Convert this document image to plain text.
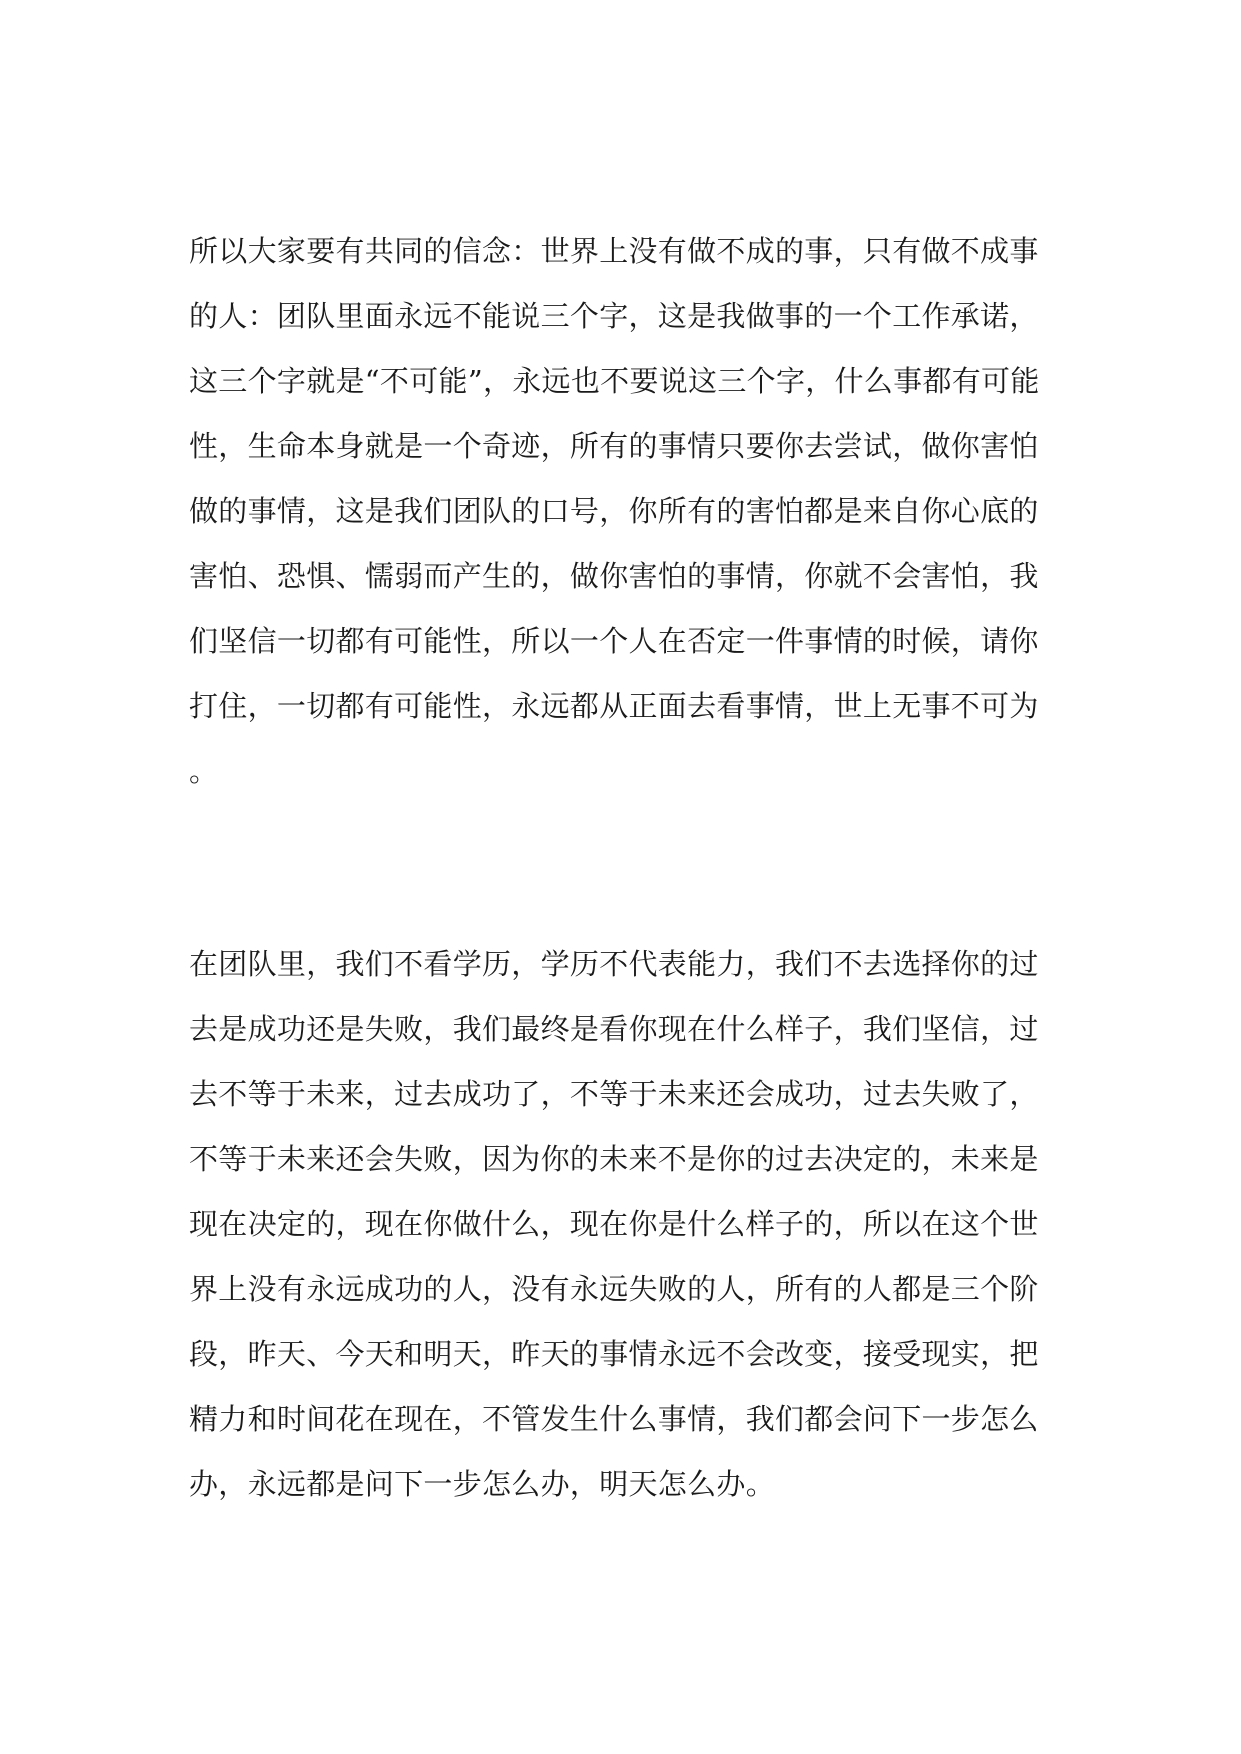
所以大家要有共同的信念：世界上没有做不成的事，只有做不成事
的人：团队里面永远不能说三个字，这是我做事的一个工作承诺，
这三个字就是“不可能”，永远也不要说这三个字，什么事都有可能
性，生命本身就是一个奇迹，所有的事情只要你去尝试，做你害怕
做的事情，这是我们团队的口号，你所有的害怕都是来自你心底的
害怕、恐惧、懦弱而产生的，做你害怕的事情，你就不会害怕，我
们坚信一切都有可能性，所以一个人在否定一件事情的时候，请你
打住，一切都有可能性，永远都从正面去看事情，世上无事不可为
。
在团队里，我们不看学历，学历不代表能力，我们不去选择你的过
去是成功还是失败，我们最终是看你现在什么样子，我们坚信，过
去不等于未来，过去成功了，不等于未来还会成功，过去失败了，
不等于未来还会失败，因为你的未来不是你的过去决定的，未来是
现在决定的，现在你做什么，现在你是什么样子的，所以在这个世
界上没有永远成功的人，没有永远失败的人，所有的人都是三个阶
段，昨天、今天和明天，昨天的事情永远不会改变，接受现实，把
精力和时间花在现在，不管发生什么事情，我们都会问下一步怎么
办，永远都是问下一步怎么办，明天怎么办。
